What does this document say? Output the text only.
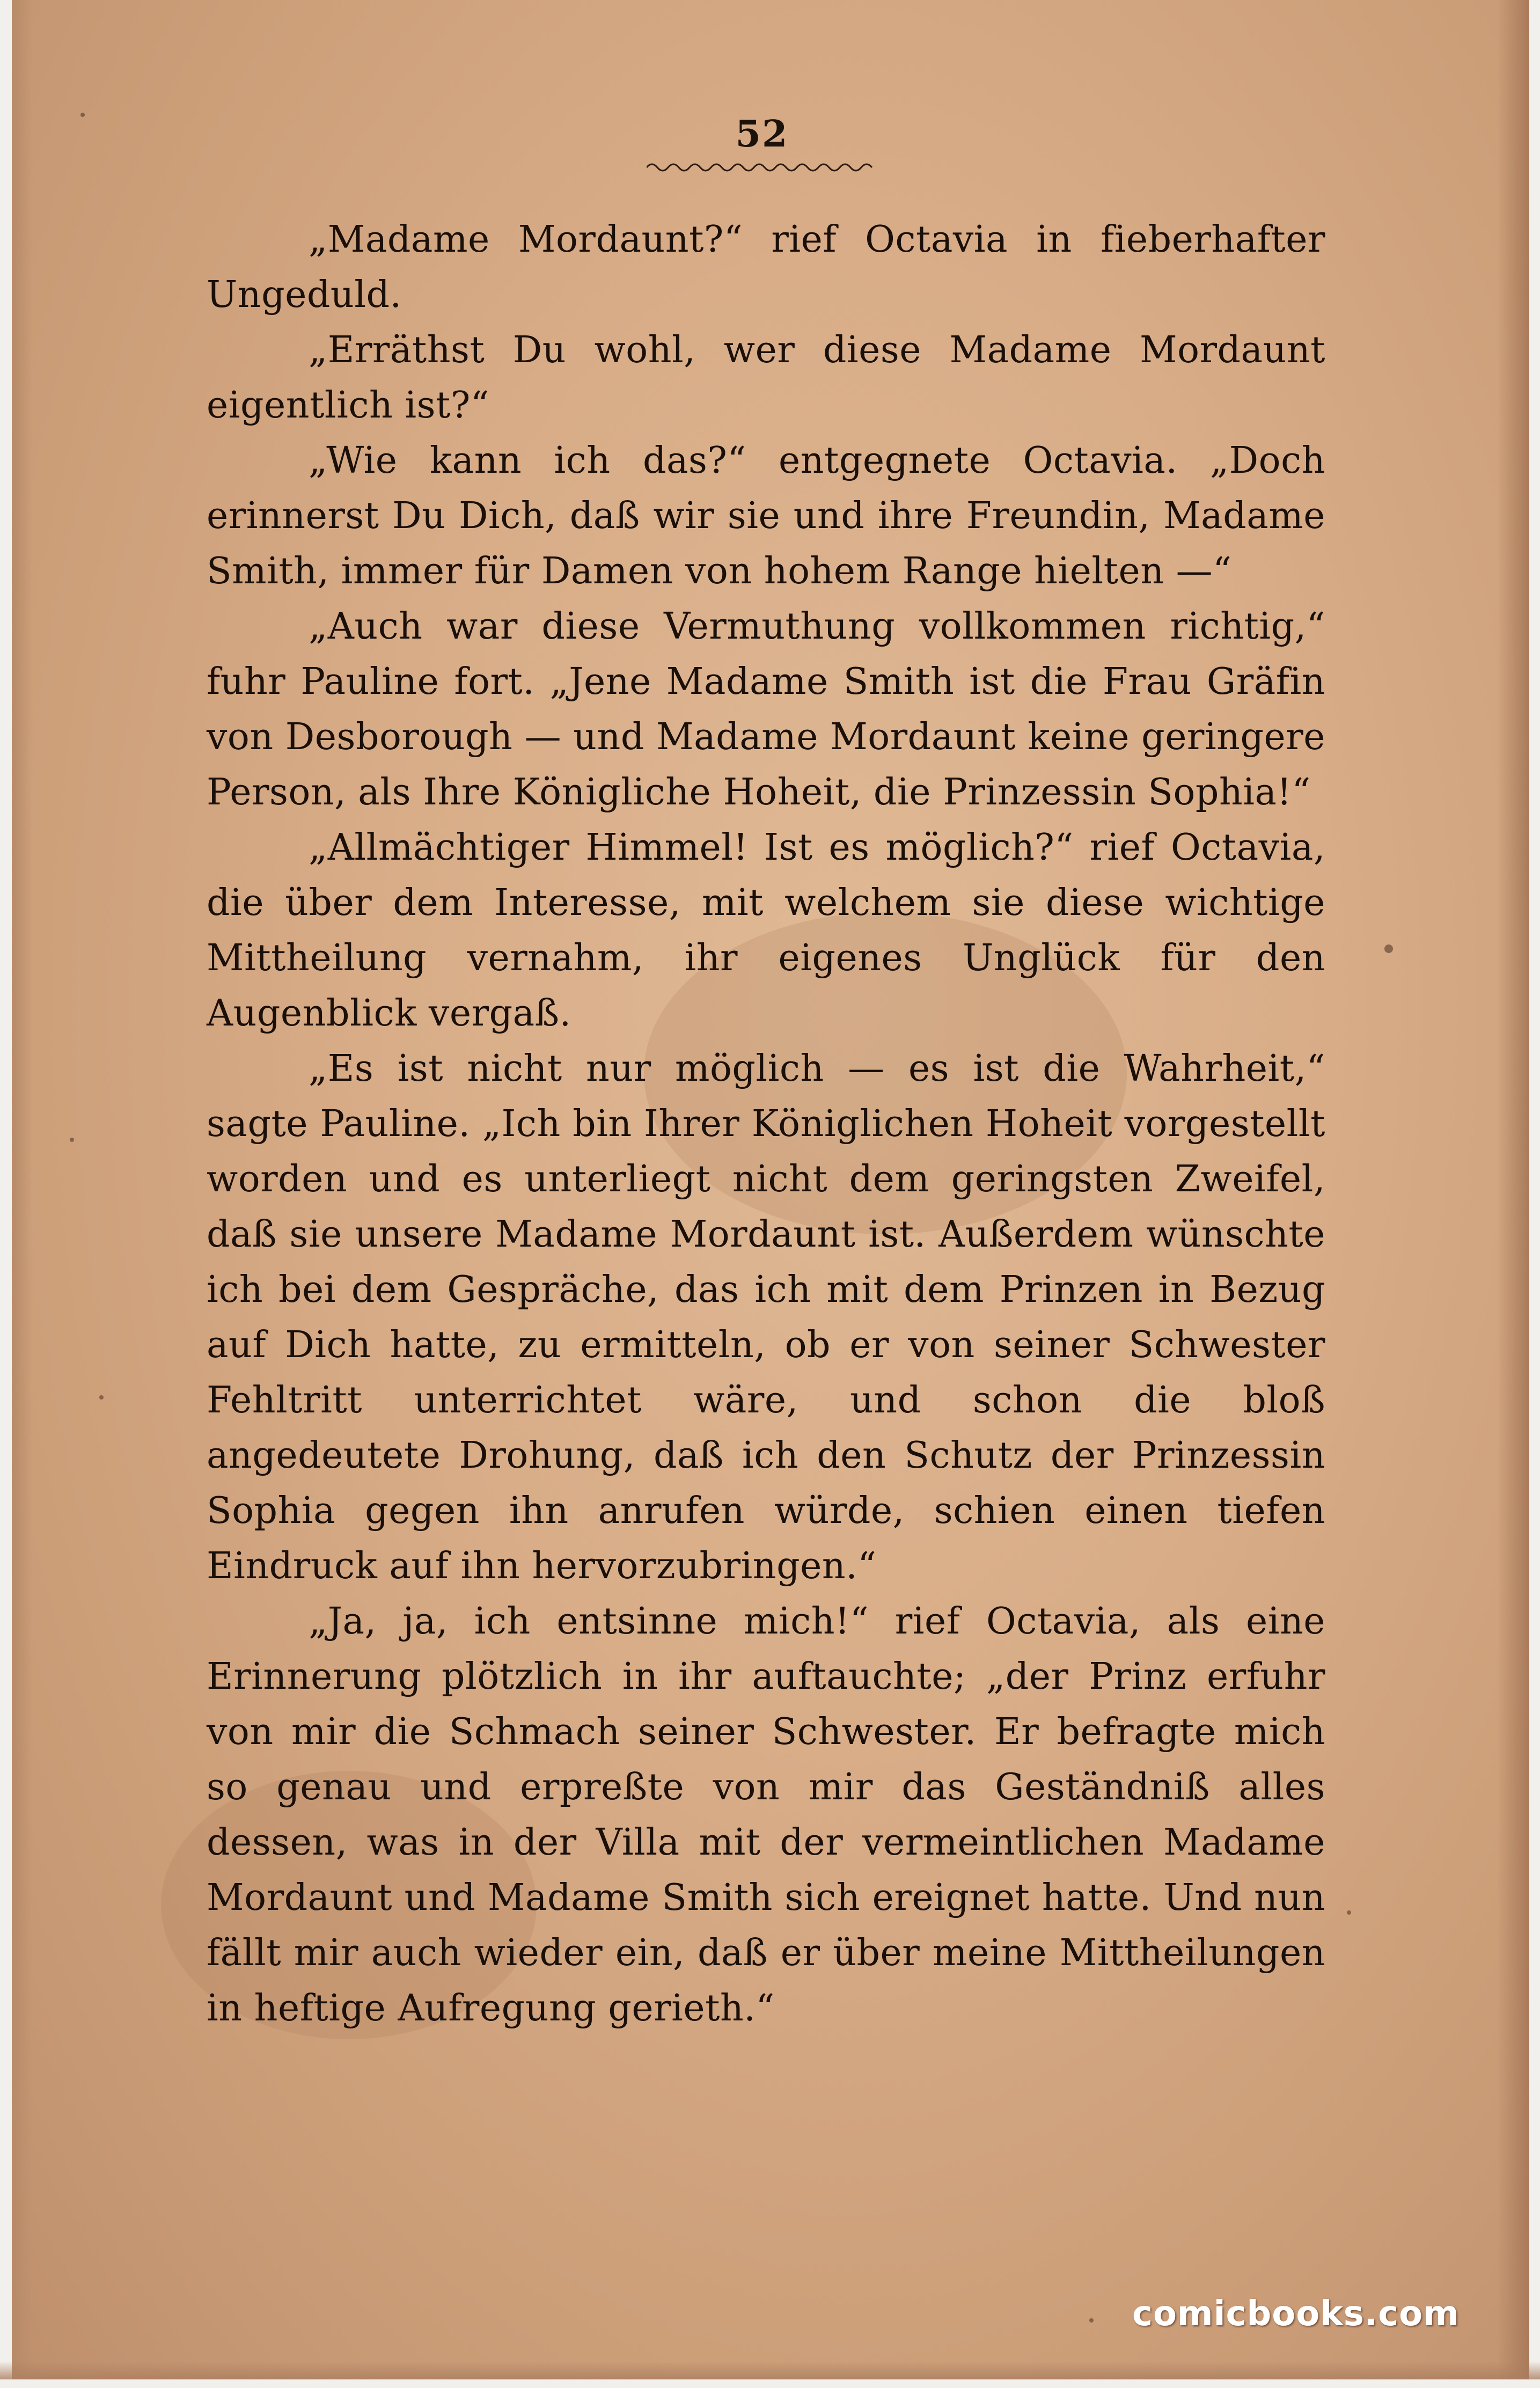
52

„Madame Mordaunt?“ rief Octavia in fieberhafter Ungeduld.

„Erräthst Du wohl, wer diese Madame Mordaunt eigentlich ist?“

„Wie kann ich das?“ entgegnete Octavia. „Doch erinnerst Du Dich, daß wir sie und ihre Freundin, Madame Smith, immer für Damen von hohem Range hielten —“

„Auch war diese Vermuthung vollkommen richtig,“ fuhr Pauline fort. „Jene Madame Smith ist die Frau Gräfin von Desborough — und Madame Mordaunt keine geringere Person, als Ihre Königliche Hoheit, die Prinzessin Sophia!“

„Allmächtiger Himmel! Ist es möglich?“ rief Octavia, die über dem Interesse, mit welchem sie diese wichtige Mittheilung vernahm, ihr eigenes Unglück für den Augenblick vergaß.

„Es ist nicht nur möglich — es ist die Wahrheit,“ sagte Pauline. „Ich bin Ihrer Königlichen Hoheit vorgestellt worden und es unterliegt nicht dem geringsten Zweifel, daß sie unsere Madame Mordaunt ist. Außerdem wünschte ich bei dem Gespräche, das ich mit dem Prinzen in Bezug auf Dich hatte, zu ermitteln, ob er von seiner Schwester Fehltritt unterrichtet wäre, und schon die bloß angedeutete Drohung, daß ich den Schutz der Prinzessin Sophia gegen ihn anrufen würde, schien einen tiefen Eindruck auf ihn hervorzubringen.“

„Ja, ja, ich entsinne mich!“ rief Octavia, als eine Erinnerung plötzlich in ihr auftauchte; „der Prinz erfuhr von mir die Schmach seiner Schwester. Er befragte mich so genau und erpreßte von mir das Geständniß alles dessen, was in der Villa mit der vermeintlichen Madame Mordaunt und Madame Smith sich ereignet hatte. Und nun fällt mir auch wieder ein, daß er über meine Mittheilungen in heftige Aufregung gerieth.“

comicbooks.com
